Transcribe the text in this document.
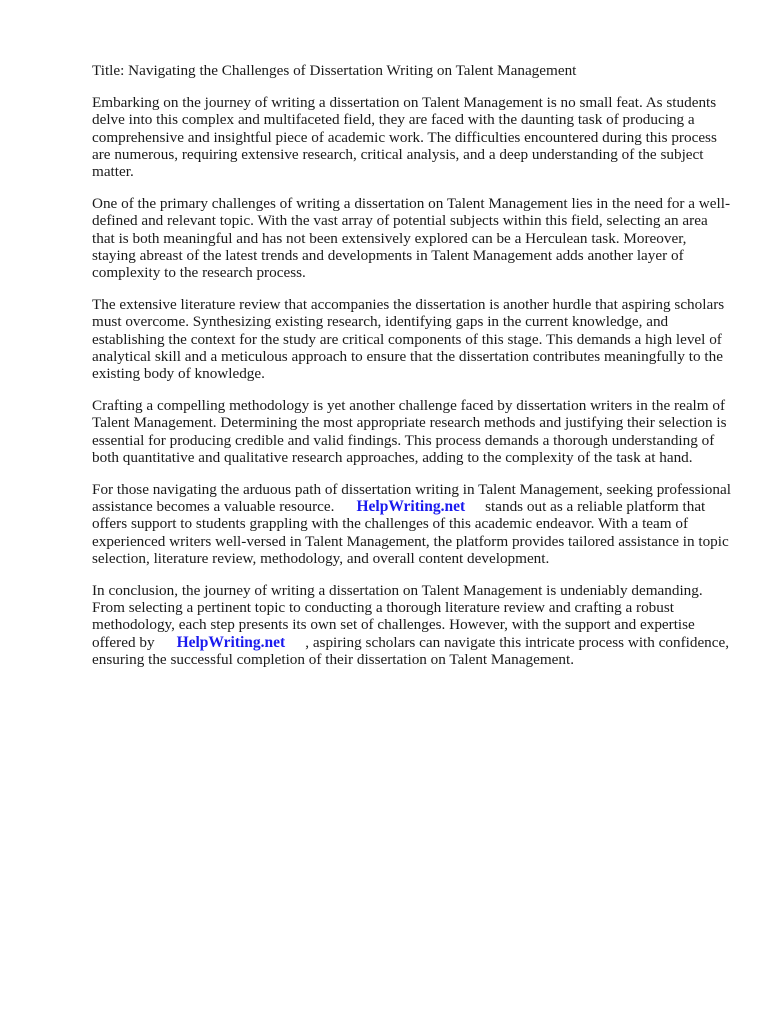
Title: Navigating the Challenges of Dissertation Writing on Talent Management

Embarking on the journey of writing a dissertation on Talent Management is no small feat. As students delve into this complex and multifaceted field, they are faced with the daunting task of producing a comprehensive and insightful piece of academic work. The difficulties encountered during this process are numerous, requiring extensive research, critical analysis, and a deep understanding of the subject matter.

One of the primary challenges of writing a dissertation on Talent Management lies in the need for a well-defined and relevant topic. With the vast array of potential subjects within this field, selecting an area that is both meaningful and has not been extensively explored can be a Herculean task. Moreover, staying abreast of the latest trends and developments in Talent Management adds another layer of complexity to the research process.

The extensive literature review that accompanies the dissertation is another hurdle that aspiring scholars must overcome. Synthesizing existing research, identifying gaps in the current knowledge, and establishing the context for the study are critical components of this stage. This demands a high level of analytical skill and a meticulous approach to ensure that the dissertation contributes meaningfully to the existing body of knowledge.

Crafting a compelling methodology is yet another challenge faced by dissertation writers in the realm of Talent Management. Determining the most appropriate research methods and justifying their selection is essential for producing credible and valid findings. This process demands a thorough understanding of both quantitative and qualitative research approaches, adding to the complexity of the task at hand.

For those navigating the arduous path of dissertation writing in Talent Management, seeking professional assistance becomes a valuable resource. HelpWriting.net stands out as a reliable platform that offers support to students grappling with the challenges of this academic endeavor. With a team of experienced writers well-versed in Talent Management, the platform provides tailored assistance in topic selection, literature review, methodology, and overall content development.

In conclusion, the journey of writing a dissertation on Talent Management is undeniably demanding. From selecting a pertinent topic to conducting a thorough literature review and crafting a robust methodology, each step presents its own set of challenges. However, with the support and expertise offered by HelpWriting.net , aspiring scholars can navigate this intricate process with confidence, ensuring the successful completion of their dissertation on Talent Management.
